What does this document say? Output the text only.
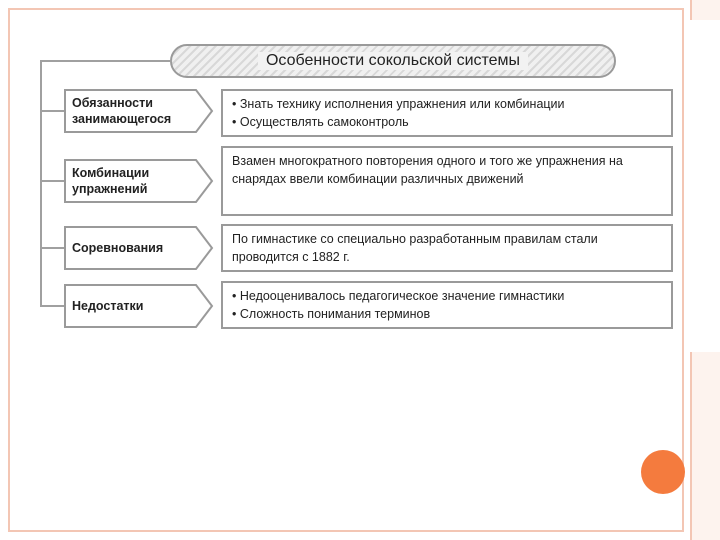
Особенности сокольской системы
Обязанности
занимающегося
• Знать технику исполнения упражнения или комбинации
• Осуществлять самоконтроль
Комбинации
упражнений
Взамен многократного повторения одного и того же упражнения на снарядах ввели комбинации различных движений
Соревнования
По гимнастике со специально разработанным правилам стали проводится с 1882 г.
Недостатки
• Недооценивалось педагогическое значение гимнастики
• Сложность понимания терминов
